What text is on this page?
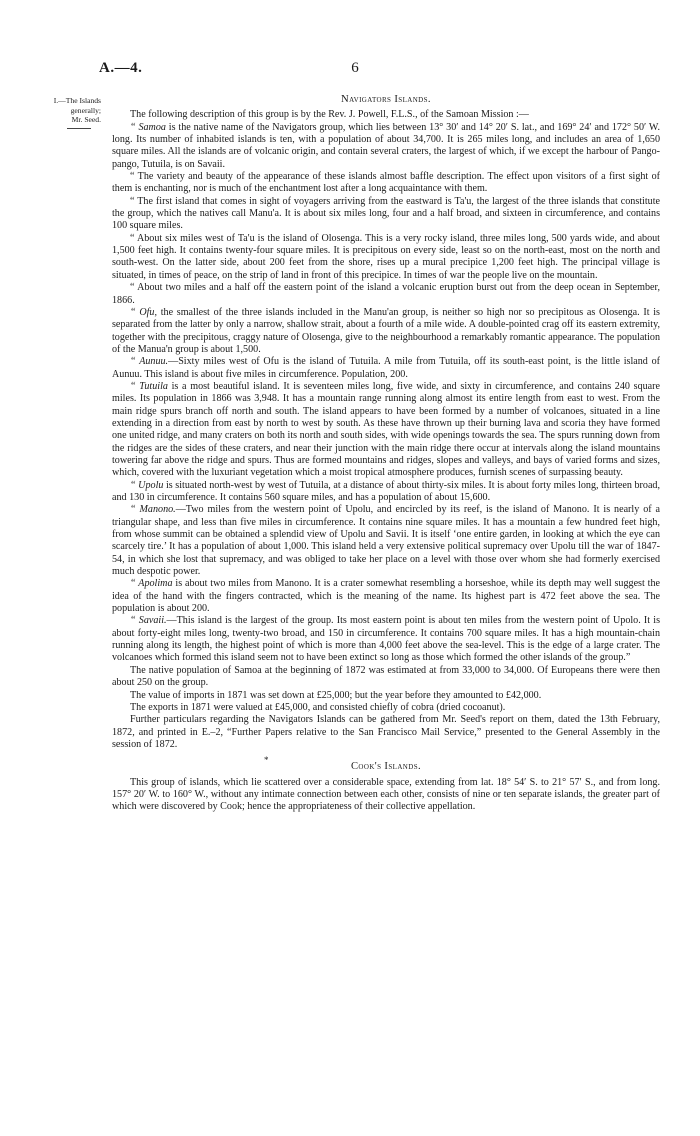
A.—4.	6
I.—The Islands
generally;
Mr. Seed.
Navigators Islands.

The following description of this group is by the Rev. J. Powell, F.L.S., of the Samoan Mission :—

“ Samoa is the native name of the Navigators group, which lies between 13° 30′ and 14° 20′ S. lat., and 169° 24′ and 172° 50′ W. long. Its number of inhabited islands is ten, with a population of about 34,700. It is 265 miles long, and includes an area of 1,650 square miles. All the islands are of volcanic origin, and contain several craters, the largest of which, if we except the harbour of Pango-pango, Tutuila, is on Savaii.

“ The variety and beauty of the appearance of these islands almost baffle description. The effect upon visitors of a first sight of them is enchanting, nor is much of the enchantment lost after a long acquaintance with them.

“ The first island that comes in sight of voyagers arriving from the eastward is Ta'u, the largest of the three islands that constitute the group, which the natives call Manu'a. It is about six miles long, four and a half broad, and sixteen in circumference, and contains 100 square miles.

“ About six miles west of Ta'u is the island of Olosenga. This is a very rocky island, three miles long, 500 yards wide, and about 1,500 feet high. It contains twenty-four square miles. It is precipitous on every side, least so on the north-east, most on the north and south-west. On the latter side, about 200 feet from the shore, rises up a mural precipice 1,200 feet high. The principal village is situated, in times of peace, on the strip of land in front of this precipice. In times of war the people live on the mountain.

“ About two miles and a half off the eastern point of the island a volcanic eruption burst out from the deep ocean in September, 1866.

“ Ofu, the smallest of the three islands included in the Manu'an group, is neither so high nor so precipitous as Olosenga. It is separated from the latter by only a narrow, shallow strait, about a fourth of a mile wide. A double-pointed crag off its eastern extremity, together with the precipitous, craggy nature of Olosenga, give to the neighbourhood a remarkably romantic appearance. The population of the Manua'n group is about 1,500.

“ Aunuu.—Sixty miles west of Ofu is the island of Tutuila. A mile from Tutuila, off its south-east point, is the little island of Aunuu. This island is about five miles in circumference. Population, 200.

“ Tutuila is a most beautiful island. It is seventeen miles long, five wide, and sixty in circumference, and contains 240 square miles. Its population in 1866 was 3,948. It has a mountain range running along almost its entire length from east to west. From the main ridge spurs branch off north and south. The island appears to have been formed by a number of volcanoes, situated in a line extending in a direction from east by north to west by south. As these have thrown up their burning lava and scoria they have formed one united ridge, and many craters on both its north and south sides, with wide openings towards the sea. The spurs running down from the ridges are the sides of these craters, and near their junction with the main ridge there occur at intervals along the island mountains towering far above the ridge and spurs. Thus are formed mountains and ridges, slopes and valleys, and bays of varied forms and sizes, which, covered with the luxuriant vegetation which a moist tropical atmosphere produces, furnish scenes of surpassing beauty.

“ Upolu is situated north-west by west of Tutuila, at a distance of about thirty-six miles. It is about forty miles long, thirteen broad, and 130 in circumference. It contains 560 square miles, and has a population of about 15,600.

“ Manono.—Two miles from the western point of Upolu, and encircled by its reef, is the island of Manono. It is nearly of a triangular shape, and less than five miles in circumference. It contains nine square miles. It has a mountain a few hundred feet high, from whose summit can be obtained a splendid view of Upolu and Savii. It is itself ‘one entire garden, in looking at which the eye can scarcely tire.’ It has a population of about 1,000. This island held a very extensive political supremacy over Upolu till the war of 1847-54, in which she lost that supremacy, and was obliged to take her place on a level with those over whom she had formerly exercised much despotic power.

“ Apolima is about two miles from Manono. It is a crater somewhat resembling a horseshoe, while its depth may well suggest the idea of the hand with the fingers contracted, which is the meaning of the name. Its highest part is 472 feet above the sea. The population is about 200.

“ Savaii.—This island is the largest of the group. Its most eastern point is about ten miles from the western point of Upolo. It is about forty-eight miles long, twenty-two broad, and 150 in circumference. It contains 700 square miles. It has a high mountain-chain running along its length, the highest point of which is more than 4,000 feet above the sea-level. This is the edge of a large crater. The volcanoes which formed this island seem not to have been extinct so long as those which formed the other islands of the group.”

The native population of Samoa at the beginning of 1872 was estimated at from 33,000 to 34,000. Of Europeans there were then about 250 on the group.

The value of imports in 1871 was set down at £25,000; but the year before they amounted to £42,000.

The exports in 1871 were valued at £45,000, and consisted chiefly of cobra (dried cocoanut).

Further particulars regarding the Navigators Islands can be gathered from Mr. Seed's report on them, dated the 13th February, 1872, and printed in E.–2, “Further Papers relative to the San Francisco Mail Service,” presented to the General Assembly in the session of 1872.

*
Cook's Islands.

This group of islands, which lie scattered over a considerable space, extending from lat. 18° 54′ S. to 21° 57′ S., and from long. 157° 20′ W. to 160° W., without any intimate connection between each other, consists of nine or ten separate islands, the greater part of which were discovered by Cook; hence the appropriateness of their collective appellation.
